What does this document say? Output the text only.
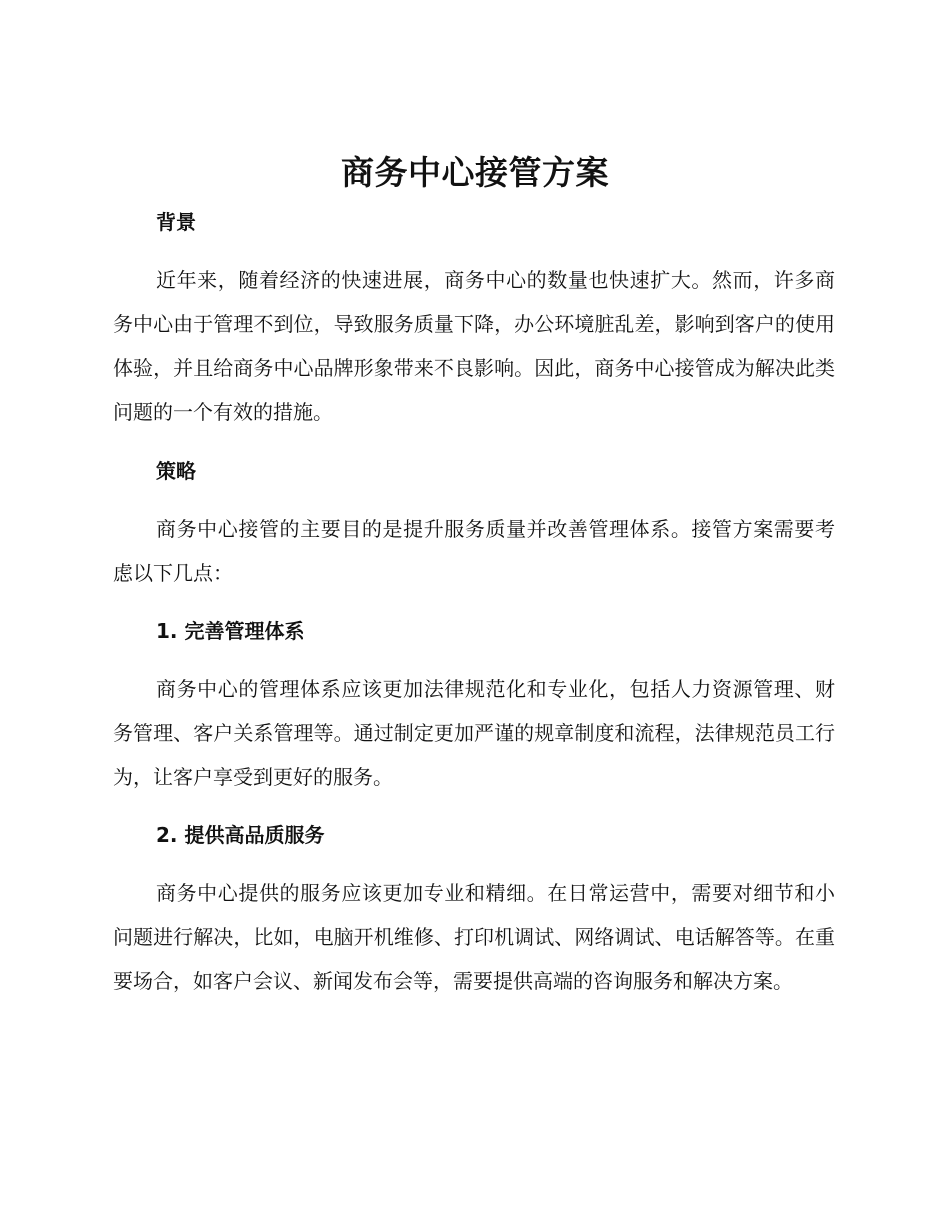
商务中心接管方案
背景

近年来，随着经济的快速进展，商务中心的数量也快速扩大。然而，许多商务中心由于管理不到位，导致服务质量下降，办公环境脏乱差，影响到客户的使用体验，并且给商务中心品牌形象带来不良影响。因此，商务中心接管成为解决此类问题的一个有效的措施。

策略

商务中心接管的主要目的是提升服务质量并改善管理体系。接管方案需要考虑以下几点：

1. 完善管理体系

商务中心的管理体系应该更加法律规范化和专业化，包括人力资源管理、财务管理、客户关系管理等。通过制定更加严谨的规章制度和流程，法律规范员工行为，让客户享受到更好的服务。

2. 提供高品质服务

商务中心提供的服务应该更加专业和精细。在日常运营中，需要对细节和小问题进行解决，比如，电脑开机维修、打印机调试、网络调试、电话解答等。在重要场合，如客户会议、新闻发布会等，需要提供高端的咨询服务和解决方案。
